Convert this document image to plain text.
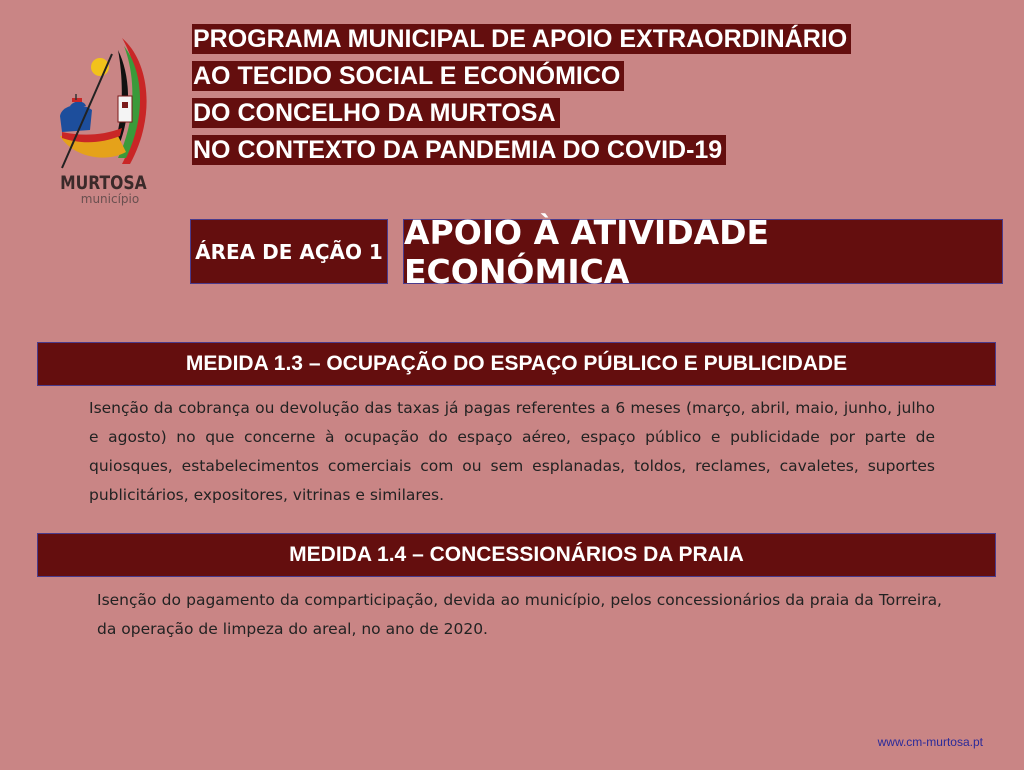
MURTOSA
município
PROGRAMA MUNICIPAL DE APOIO EXTRAORDINÁRIO
AO TECIDO SOCIAL E ECONÓMICO
DO CONCELHO DA MURTOSA
NO CONTEXTO DA PANDEMIA DO COVID-19
ÁREA DE AÇÃO 1 APOIO À ATIVIDADE ECONÓMICA
MEDIDA 1.3 – OCUPAÇÃO DO ESPAÇO PÚBLICO E PUBLICIDADE
Isenção da cobrança ou devolução das taxas já pagas referentes a 6 meses (março, abril, maio, junho, julho e agosto) no que concerne à ocupação do espaço aéreo, espaço público e publicidade por parte de quiosques, estabelecimentos comerciais com ou sem esplanadas, toldos, reclames, cavaletes, suportes publicitários, expositores, vitrinas e similares.
MEDIDA 1.4 – CONCESSIONÁRIOS DA PRAIA
Isenção do pagamento da comparticipação, devida ao município, pelos concessionários da praia da Torreira, da operação de limpeza do areal, no ano de 2020.
www.cm-murtosa.pt
